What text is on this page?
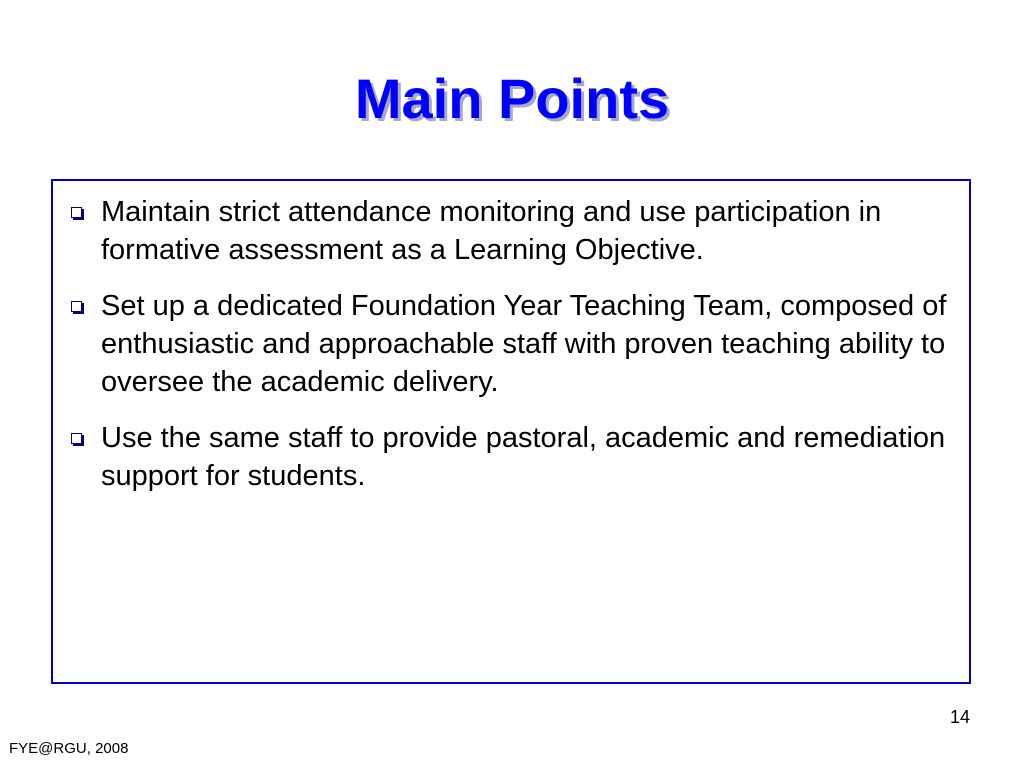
Main Points
Maintain strict attendance monitoring and use participation in formative assessment as a Learning Objective.
Set up a dedicated Foundation Year Teaching Team, composed of enthusiastic and approachable staff with proven teaching ability to oversee the academic delivery.
Use the same staff to provide pastoral, academic and remediation support for students.
14
FYE@RGU, 2008
